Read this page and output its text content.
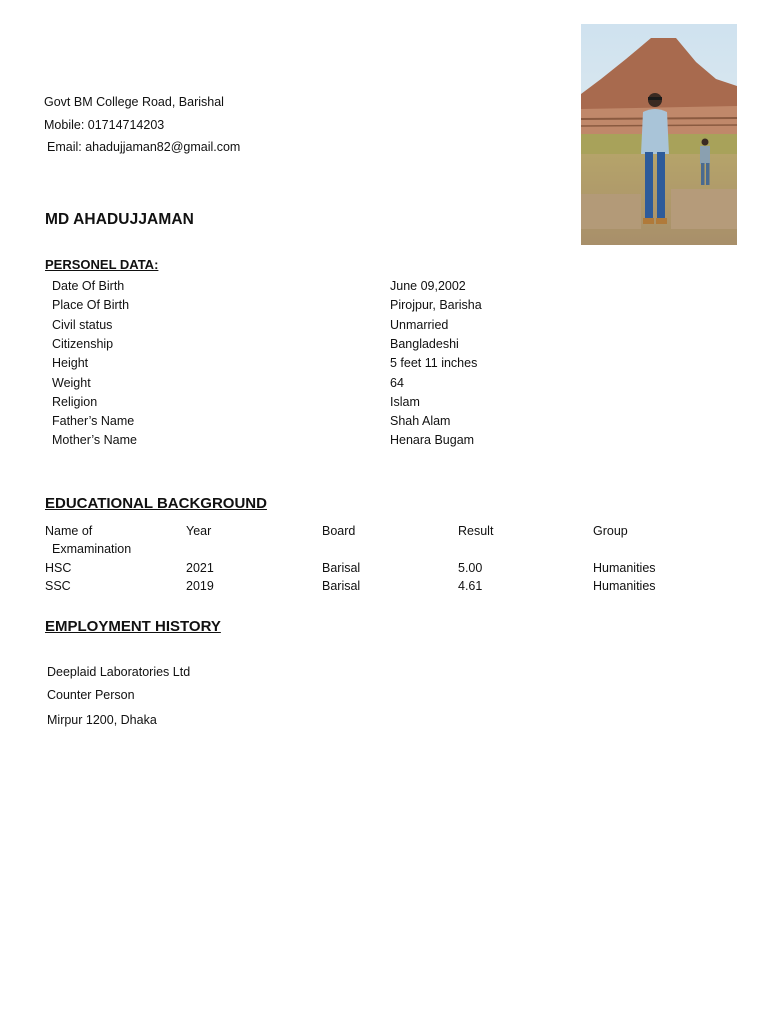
Govt BM College Road, Barishal
Mobile: 01714714203
Email: ahadujjaman82@gmail.com
MD AHADUJJAMAN
PERSONEL DATA:
Date Of Birth	June 09,2002
Place Of Birth	Pirojpur, Barisha
Civil status	Unmarried
Citizenship	Bangladeshi
Height	5 feet 11 inches
Weight	64
Religion	Islam
Father’s Name	Shah Alam
Mother’s Name	Henara Bugam
EDUCATIONAL BACKGROUND
Name of	Year	Board	Result	Group
Exmamination
HSC	2021	Barisal	5.00	Humanities
SSC	2019	Barisal	4.61	Humanities
EMPLOYMENT HISTORY
Deeplaid Laboratories Ltd
Counter Person
Mirpur 1200, Dhaka
